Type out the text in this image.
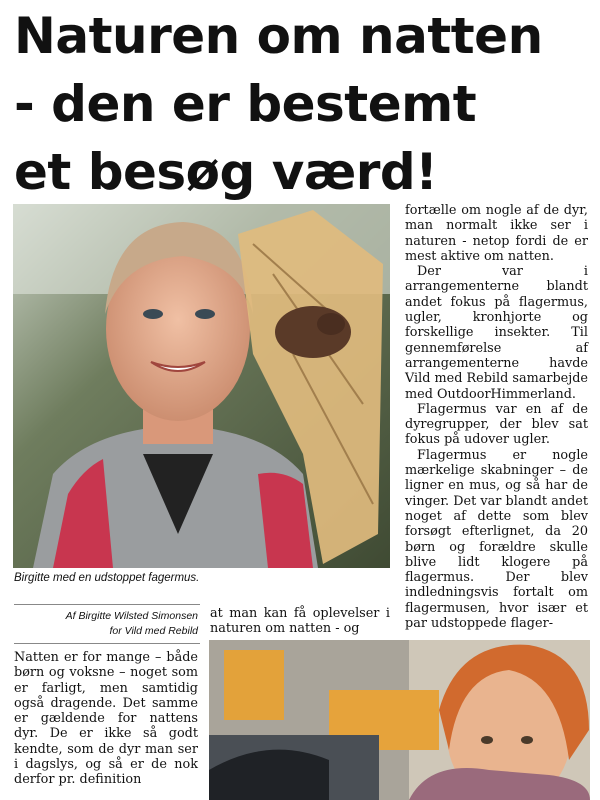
Naturen om natten
- den er bestemt
et besøg værd!
Birgitte med en udstoppet fagermus.
Af Birgitte Wilsted Simonsen
for Vild med Rebild

Natten er for mange – både børn og voksne – noget som er farligt, men samtidig også dragende. Det samme er gældende for nattens dyr. De er ikke så godt kendte, som de dyr man ser i dagslys, og så er de nok derfor pr. definition

at man kan få oplevelser i naturen om natten - og

fortælle om nogle af de dyr, man normalt ikke ser i naturen - netop fordi de er mest aktive om natten.

Der var i arrangementerne blandt andet fokus på flagermus, ugler, kronhjorte og forskellige insekter. Til gennemførelse af arrangementerne havde Vild med Rebild samarbejde med OutdoorHimmerland.

Flagermus var en af de dyregrupper, der blev sat fokus på udover ugler.

Flagermus er nogle mærkelige skabninger – de ligner en mus, og så har de vinger. Det var blandt andet noget af dette som blev forsøgt efterlignet, da 20 børn og forældre skulle blive lidt klogere på flagermus. Der blev indledningsvis fortalt om flagermusen, hvor især et par udstoppede flager-
